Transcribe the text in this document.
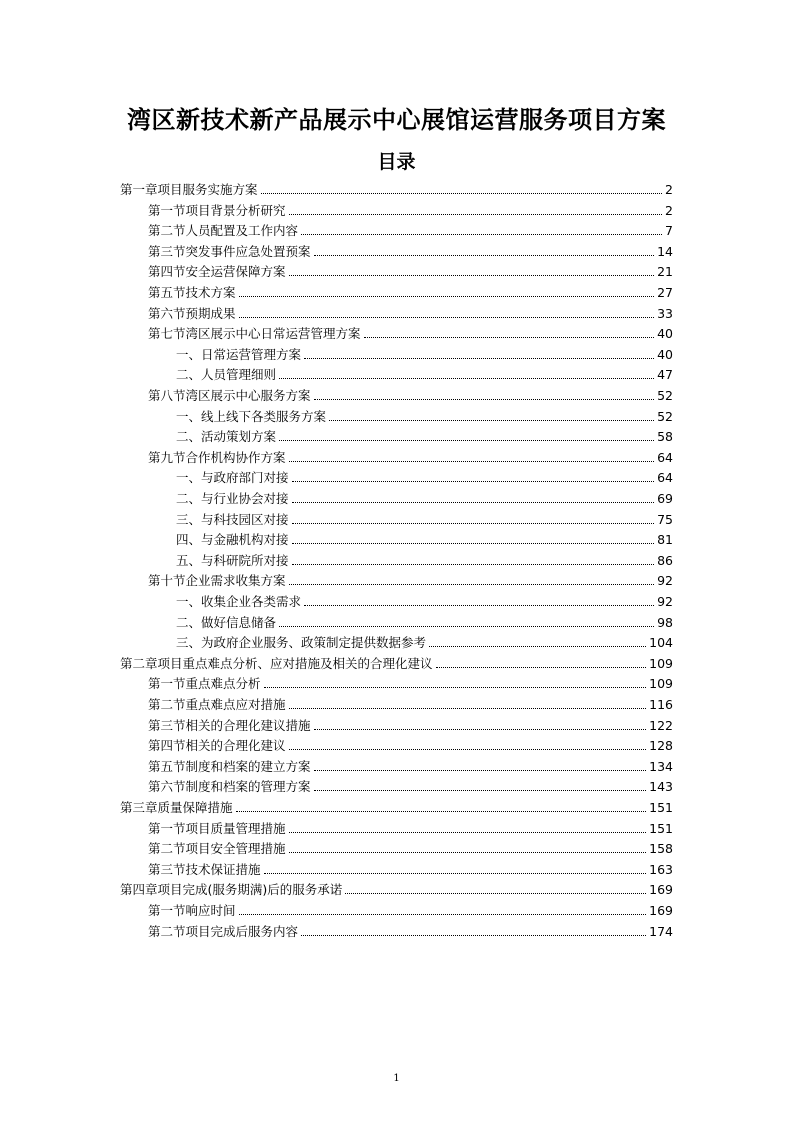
湾区新技术新产品展示中心展馆运营服务项目方案
目录
第一章项目服务实施方案	2
第一节项目背景分析研究	2
第二节人员配置及工作内容	7
第三节突发事件应急处置预案	14
第四节安全运营保障方案	21
第五节技术方案	27
第六节预期成果	33
第七节湾区展示中心日常运营管理方案	40
一、日常运营管理方案	40
二、人员管理细则	47
第八节湾区展示中心服务方案	52
一、线上线下各类服务方案	52
二、活动策划方案	58
第九节合作机构协作方案	64
一、与政府部门对接	64
二、与行业协会对接	69
三、与科技园区对接	75
四、与金融机构对接	81
五、与科研院所对接	86
第十节企业需求收集方案	92
一、收集企业各类需求	92
二、做好信息储备	98
三、为政府企业服务、政策制定提供数据参考	104
第二章项目重点难点分析、应对措施及相关的合理化建议	109
第一节重点难点分析	109
第二节重点难点应对措施	116
第三节相关的合理化建议措施	122
第四节相关的合理化建议	128
第五节制度和档案的建立方案	134
第六节制度和档案的管理方案	143
第三章质量保障措施	151
第一节项目质量管理措施	151
第二节项目安全管理措施	158
第三节技术保证措施	163
第四章项目完成(服务期满)后的服务承诺	169
第一节响应时间	169
第二节项目完成后服务内容	174
1
